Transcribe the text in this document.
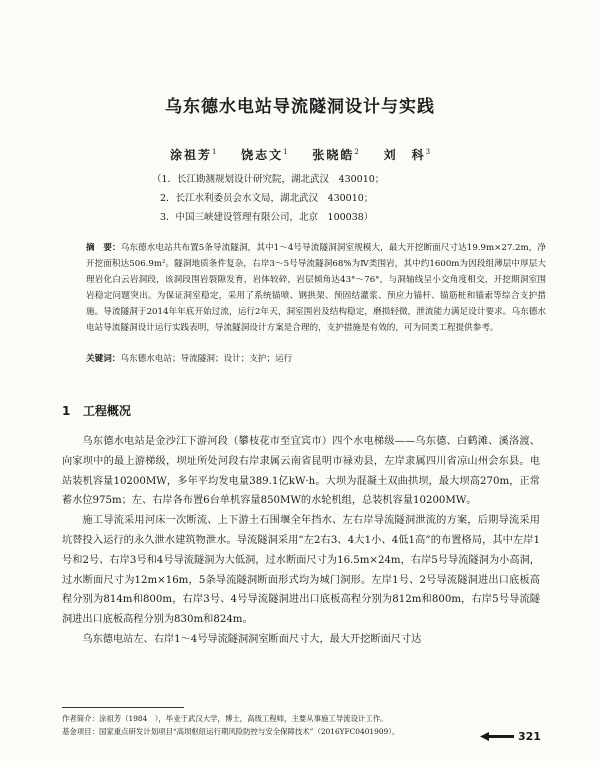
乌东德水电站导流隧洞设计与实践
涂祖芳$^1$ 饶志文$^1$ 张晓皓$^2$ 刘　科$^3$
（1．长江勘测规划设计研究院，湖北武汉　430010；
2．长江水利委员会水文局，湖北武汉　430010；
3．中国三峡建设管理有限公司，北京　100038）
摘　要：乌东德水电站共布置5条导流隧洞，其中1～4号导流隧洞洞室规模大，最大开挖断面尺寸达19.9m×27.2m，净开挖面积达506.9m²。隧洞地质条件复杂，右岸3～5号导流隧洞68%为Ⅳ类围岩，其中约1600m为因段组薄层中厚层大理岩化白云岩洞段，该洞段围岩裂隙发育，岩体较碎，岩层倾角达43°～76°，与洞轴线呈小交角度相交，开挖期洞室围岩稳定问题突出。为保证洞室稳定，采用了系统锚喷、钢拱架、预固结灌浆、预应力锚杆、锚筋桩和锚索等综合支护措施。导流隧洞于2014年年底开始过流，运行2年天，洞室围岩及结构稳定，磨损轻微，泄流能力满足设计要求。乌东德水电站导流隧洞设计运行实践表明，导流隧洞设计方案是合理的，支护措施是有效的，可为同类工程提供参考。
关键词：乌东德水电站；导流隧洞；设计；支护；运行
1 工程概况

乌东德水电站是金沙江下游河段（攀枝花市至宜宾市）四个水电梯级——乌东德、白鹤滩、溪洛渡、向家坝中的最上游梯级，坝址所处河段右岸隶属云南省昆明市禄劝县，左岸隶属四川省凉山州会东县。电站装机容量10200MW，多年平均发电量389.1亿kW·h。大坝为混凝土双曲拱坝，最大坝高270m，正常蓄水位975m；左、右岸各布置6台单机容量850MW的水轮机组，总装机容量10200MW。

施工导流采用河床一次断流、上下游土石围堰全年挡水、左右岸导流隧洞泄流的方案，后期导流采用坑替投入运行的永久泄水建筑物泄水。导流隧洞采用“左2右3、4大1小、4低1高”的布置格局，其中左岸1号和2号、右岸3号和4号导流隧洞为大低洞，过水断面尺寸为16.5m×24m，右岸5号导流隧洞为小高洞，过水断面尺寸为12m×16m，5条导流隧洞断面形式均为城门洞形。左岸1号、2号导流隧洞进出口底板高程分别为814m和800m，右岸3号、4号导流隧洞进出口底板高程分别为812m和800m，右岸5号导流隧洞进出口底板高程分别为830m和824m。

乌东德电站左、右岸1～4号导流隧洞洞室断面尺寸大，最大开挖断面尺寸达

作者简介：涂祖芳（1984　），毕业于武汉大学，博士，高级工程师，主要从事施工导流设计工作。
基金项目：国家重点研发计划项目“高坝枢纽运行期风险防控与安全保障技术”（2016YFC0401909）。	321
